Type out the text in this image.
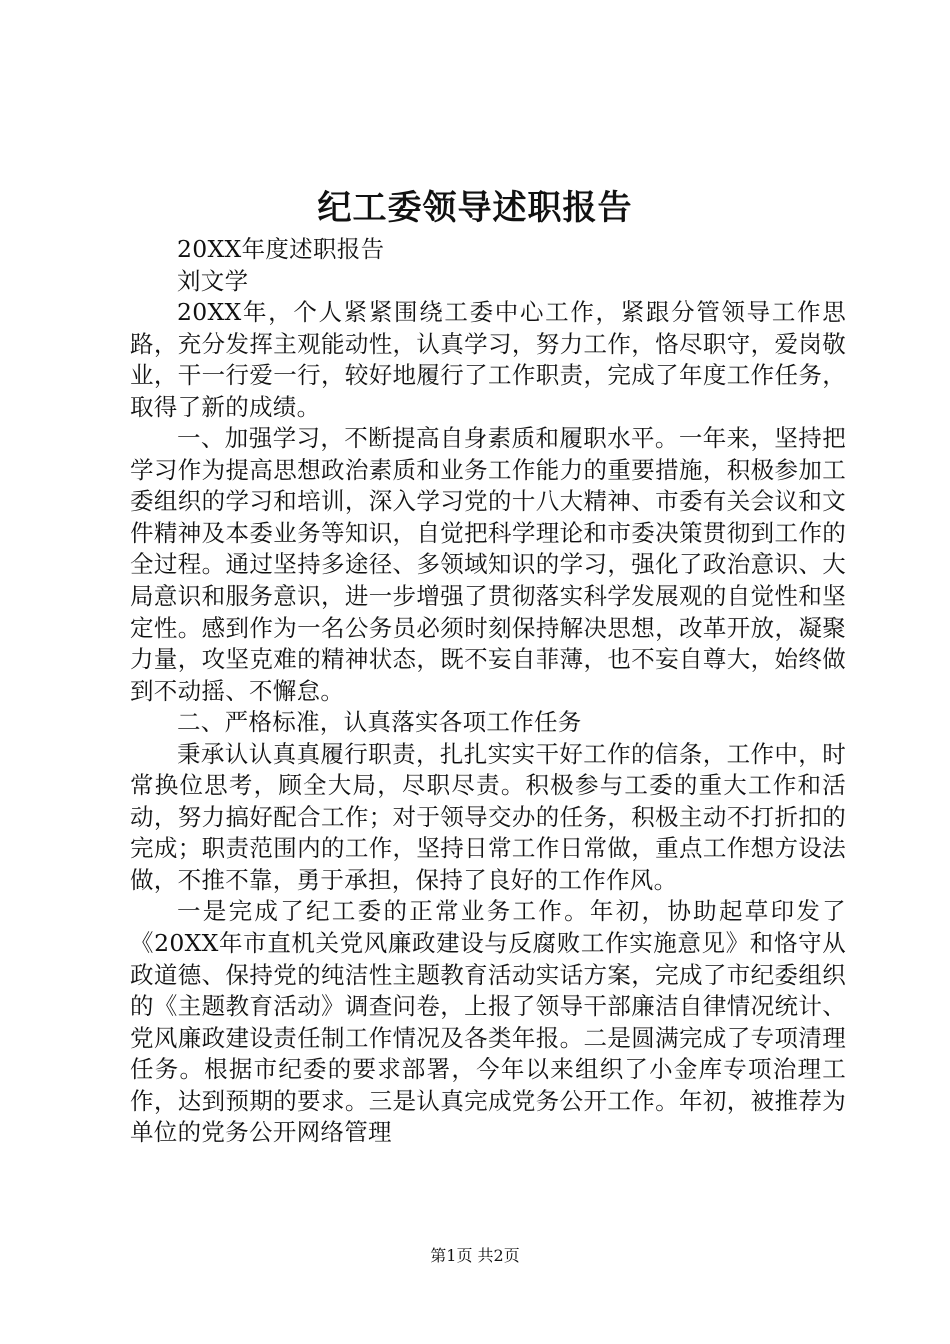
纪工委领导述职报告

20XX年度述职报告

刘文学

20XX年，个人紧紧围绕工委中心工作，紧跟分管领导工作思路，充分发挥主观能动性，认真学习，努力工作，恪尽职守，爱岗敬业，干一行爱一行，较好地履行了工作职责，完成了年度工作任务，取得了新的成绩。

一、加强学习，不断提高自身素质和履职水平。一年来，坚持把学习作为提高思想政治素质和业务工作能力的重要措施，积极参加工委组织的学习和培训，深入学习党的十八大精神、市委有关会议和文件精神及本委业务等知识，自觉把科学理论和市委决策贯彻到工作的全过程。通过坚持多途径、多领域知识的学习，强化了政治意识、大局意识和服务意识，进一步增强了贯彻落实科学发展观的自觉性和坚定性。感到作为一名公务员必须时刻保持解决思想，改革开放，凝聚力量，攻坚克难的精神状态，既不妄自菲薄，也不妄自尊大，始终做到不动摇、不懈怠。

二、严格标准，认真落实各项工作任务

秉承认认真真履行职责，扎扎实实干好工作的信条，工作中，时常换位思考，顾全大局，尽职尽责。积极参与工委的重大工作和活动，努力搞好配合工作；对于领导交办的任务，积极主动不打折扣的完成；职责范围内的工作，坚持日常工作日常做，重点工作想方设法做，不推不靠，勇于承担，保持了良好的工作作风。

一是完成了纪工委的正常业务工作。年初，协助起草印发了《20XX年市直机关党风廉政建设与反腐败工作实施意见》和恪守从政道德、保持党的纯洁性主题教育活动实话方案，完成了市纪委组织的《主题教育活动》调查问卷，上报了领导干部廉洁自律情况统计、党风廉政建设责任制工作情况及各类年报。二是圆满完成了专项清理任务。根据市纪委的要求部署，今年以来组织了小金库专项治理工作，达到预期的要求。三是认真完成党务公开工作。年初，被推荐为单位的党务公开网络管理

第1页 共2页
